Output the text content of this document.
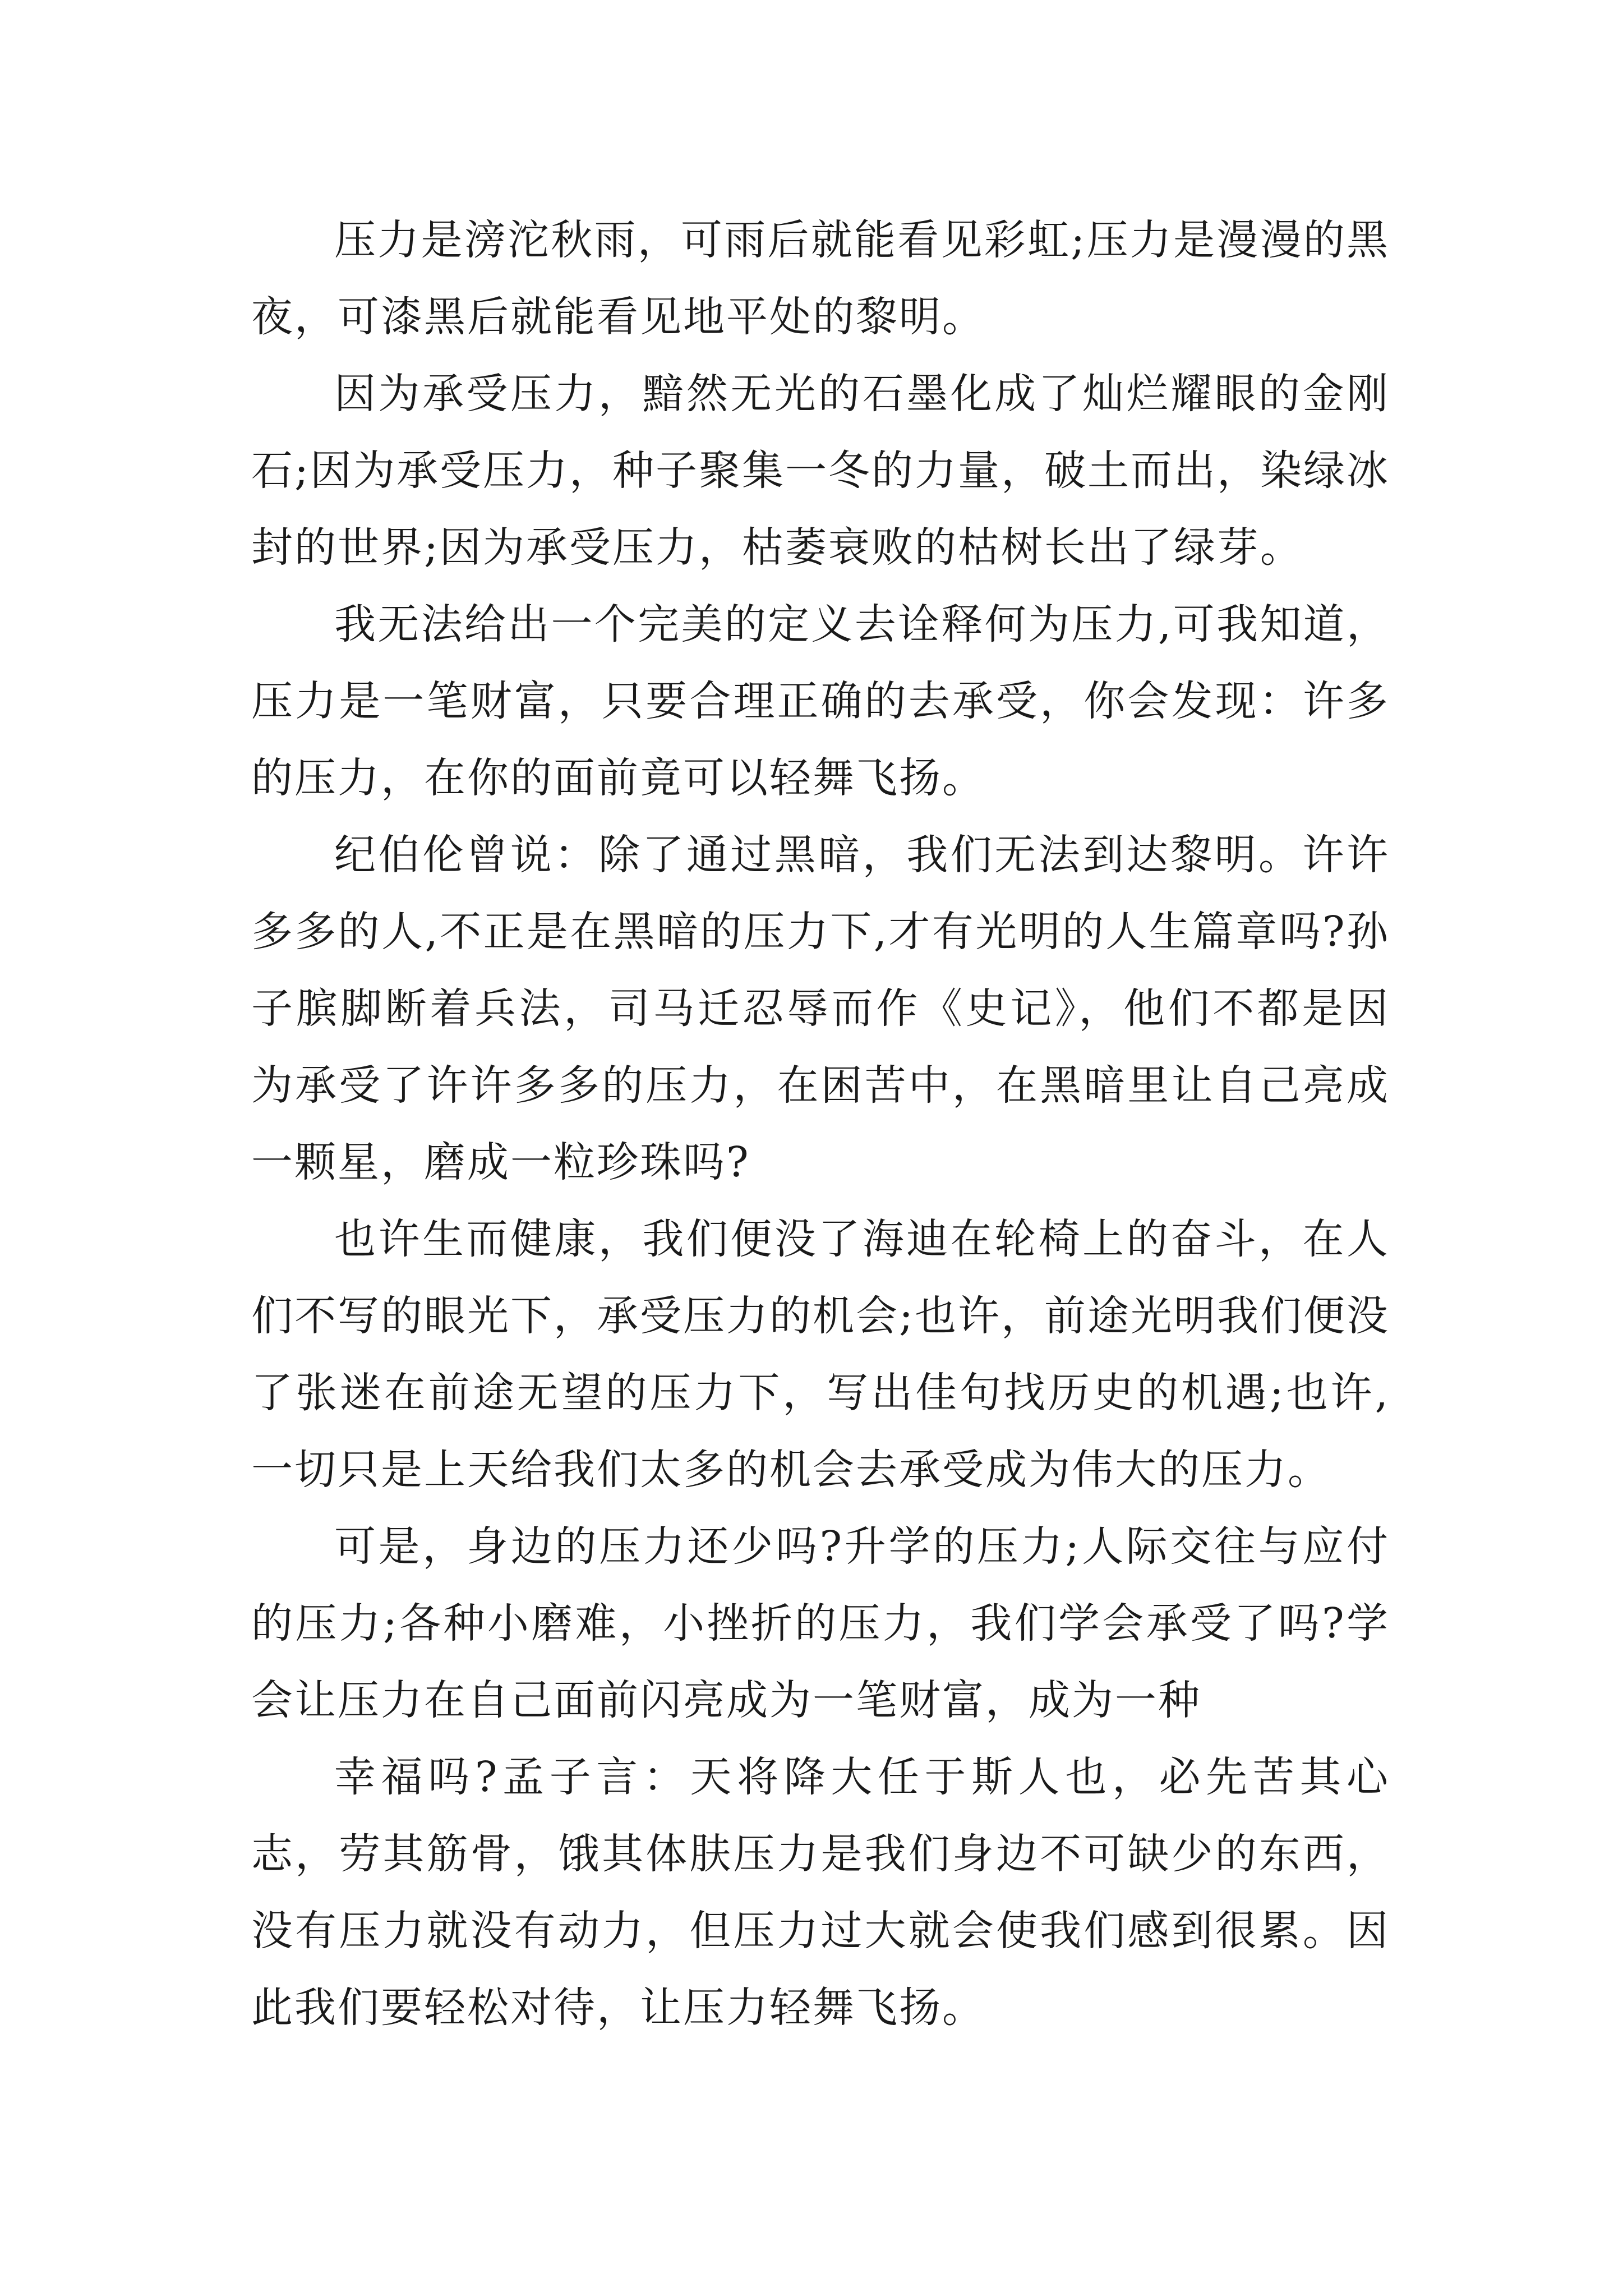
压力是滂沱秋雨，可雨后就能看见彩虹;压力是漫漫的黑夜，可漆黑后就能看见地平处的黎明。

因为承受压力，黯然无光的石墨化成了灿烂耀眼的金刚石;因为承受压力，种子聚集一冬的力量，破土而出，染绿冰封的世界;因为承受压力，枯萎衰败的枯树长出了绿芽。

我无法给出一个完美的定义去诠释何为压力,可我知道，压力是一笔财富，只要合理正确的去承受，你会发现：许多的压力，在你的面前竟可以轻舞飞扬。

纪伯伦曾说：除了通过黑暗，我们无法到达黎明。许许多多的人,不正是在黑暗的压力下,才有光明的人生篇章吗?孙子膑脚断着兵法，司马迁忍辱而作《史记》，他们不都是因为承受了许许多多的压力，在困苦中，在黑暗里让自己亮成一颗星，磨成一粒珍珠吗?

也许生而健康，我们便没了海迪在轮椅上的奋斗，在人们不写的眼光下，承受压力的机会;也许，前途光明我们便没了张迷在前途无望的压力下，写出佳句找历史的机遇;也许,一切只是上天给我们太多的机会去承受成为伟大的压力。

可是，身边的压力还少吗?升学的压力;人际交往与应付的压力;各种小磨难，小挫折的压力，我们学会承受了吗?学会让压力在自己面前闪亮成为一笔财富，成为一种

幸福吗?孟子言：天将降大任于斯人也，必先苦其心志，劳其筋骨，饿其体肤压力是我们身边不可缺少的东西，没有压力就没有动力，但压力过大就会使我们感到很累。因此我们要轻松对待，让压力轻舞飞扬。
